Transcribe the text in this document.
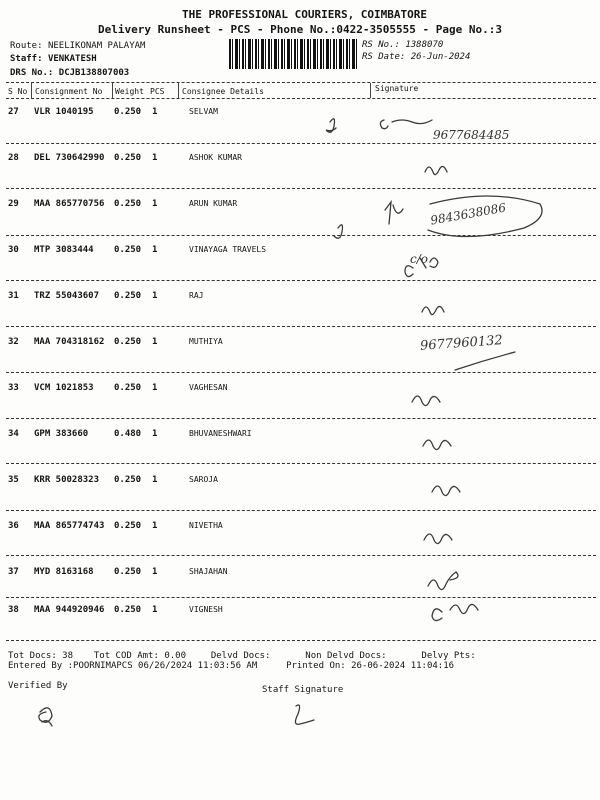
THE PROFESSIONAL COURIERS, COIMBATORE
Delivery Runsheet - PCS - Phone No.:0422-3505555 - Page No.:3
Route: NEELIKONAM PALAYAM
Staff: VENKATESH
DRS No.: DCJB138807003
RS No.: 1388070
RS Date: 26-Jun-2024
S No Consignment No Weight PCS Consignee Details	Signature
27 VLR 1040195 0.250 1	SELVAM
28 DEL 730642990 0.250 1	ASHOK KUMAR
29 MAA 865770756 0.250 1	ARUN KUMAR
30 MTP 3083444 0.250 1	VINAYAGA TRAVELS
31 TRZ 55043607 0.250 1	RAJ
32 MAA 704318162 0.250 1	MUTHIYA
33 VCM 1021853 0.250 1	VAGHESAN
34 GPM 383660	0.480 1	BHUVANESHWARI
35 KRR 50028323 0.250 1	SAROJA
36 MAA 865774743 0.250 1	NIVETHA
37 MYD 8163168 0.250 1	SHAJAHAN
38 MAA 944920946 0.250 1	VIGNESH
9677684485
9843638086
c/o
9677960132
Tot Docs: 38 Tot COD Amt: 0.00	Delvd Docs:	Non Delvd Docs:	Delvy Pts:
Entered By :POORNIMAPCS 06/26/2024 11:03:56 AM	Printed On: 26-06-2024 11:04:16
Verified By	Staff Signature
